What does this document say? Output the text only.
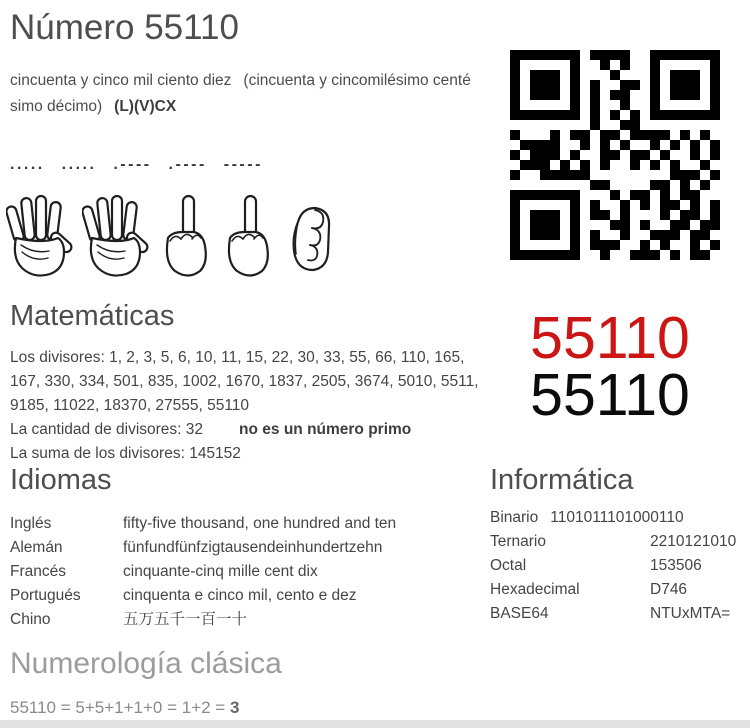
Número 55110

cincuenta y cinco mil ciento diez (cincuenta y cincomilésimo centésimo décimo) (L)(V)CX

..... ..... .---- .---- -----
Matemáticas

Los divisores: 1, 2, 3, 5, 6, 10, 11, 15, 22, 30, 33, 55, 66, 110, 165, 167, 330, 334, 501, 835, 1002, 1670, 1837, 2505, 3674, 5010, 5511, 9185, 11022, 18370, 27555, 55110

La cantidad de divisores: 32 no es un número primo

La suma de los divisores: 145152

55110
55110
Idiomas
Inglés	fifty-five thousand, one hundred and ten
Alemán	fünfundfünfzigtausendeinhundertzehn
Francés	cinquante-cinq mille cent dix
Portugués	cinquenta e cinco mil, cento e dez
Chino	五万五千一百一十
Informática
Binario 1101011101000110
Ternario	2210121010
Octal	153506
Hexadecimal	D746
BASE64	NTUxMTA=
Numerología clásica

55110 = 5+5+1+1+0 = 1+2 = 3
